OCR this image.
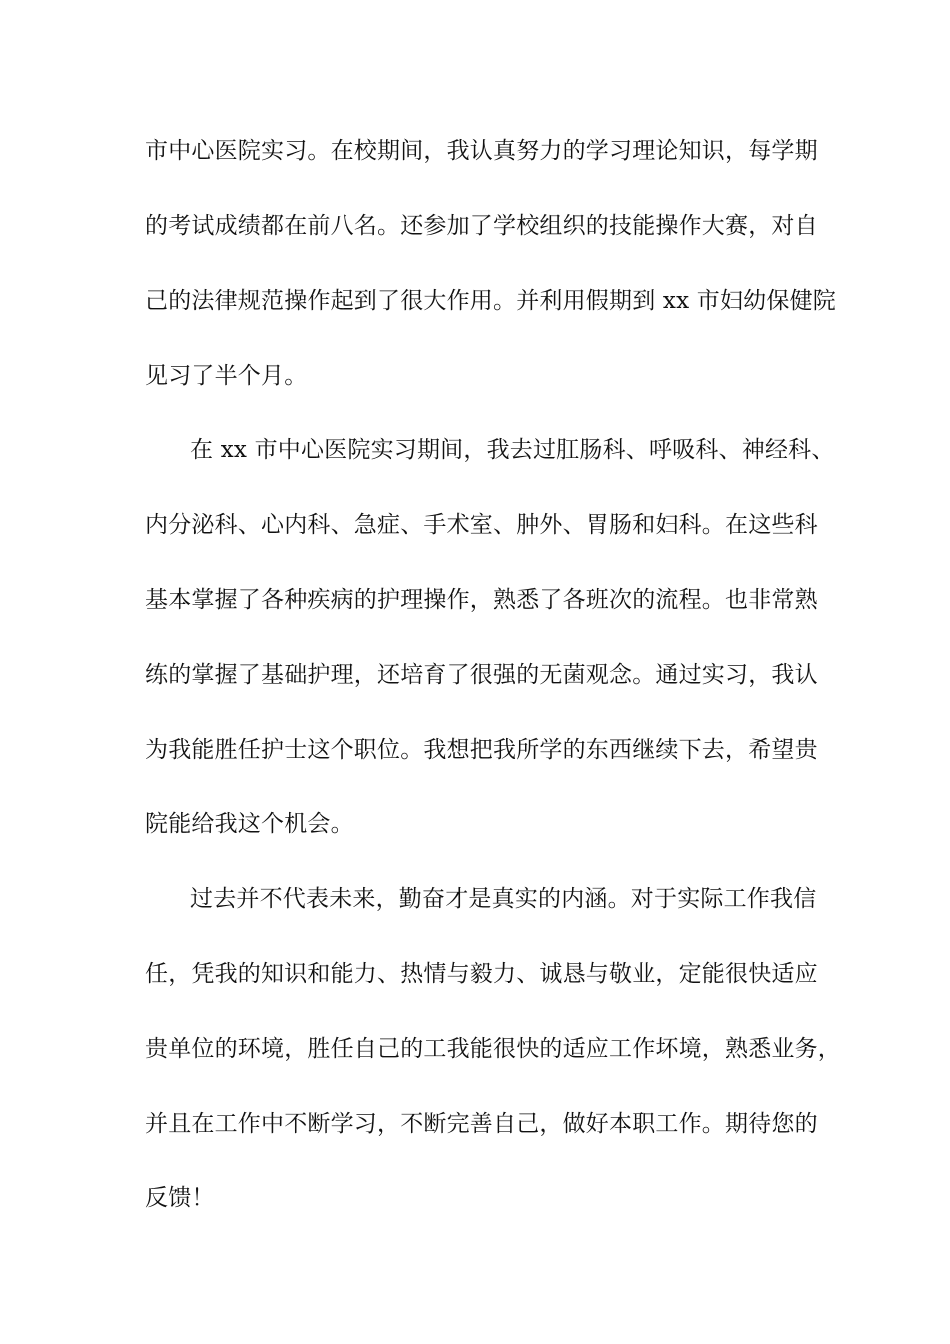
市中心医院实习。在校期间，我认真努力的学习理论知识，每学期
的考试成绩都在前八名。还参加了学校组织的技能操作大赛，对自
己的法律规范操作起到了很大作用。并利用假期到 xx 市妇幼保健院
见习了半个月。
在 xx 市中心医院实习期间，我去过肛肠科、呼吸科、神经科、
内分泌科、心内科、急症、手术室、肿外、胃肠和妇科。在这些科
基本掌握了各种疾病的护理操作，熟悉了各班次的流程。也非常熟
练的掌握了基础护理，还培育了很强的无菌观念。通过实习，我认
为我能胜任护士这个职位。我想把我所学的东西继续下去，希望贵
院能给我这个机会。
过去并不代表未来，勤奋才是真实的内涵。对于实际工作我信
任，凭我的知识和能力、热情与毅力、诚恳与敬业，定能很快适应
贵单位的环境，胜任自己的工我能很快的适应工作坏境，熟悉业务，
并且在工作中不断学习，不断完善自己，做好本职工作。期待您的
反馈！
